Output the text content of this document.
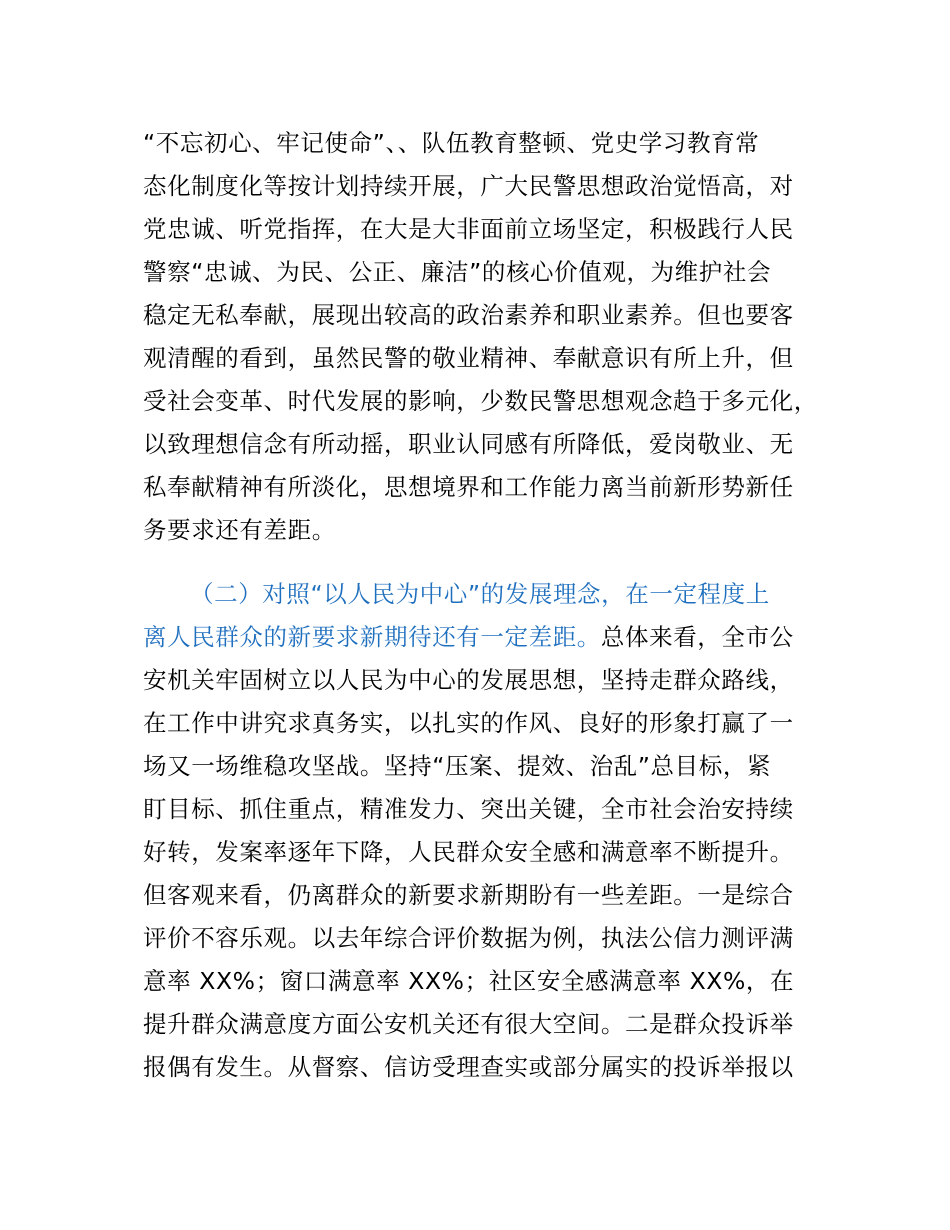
“不忘初心、牢记使命”、、队伍教育整顿、党史学习教育常
态化制度化等按计划持续开展，广大民警思想政治觉悟高，对
党忠诚、听党指挥，在大是大非面前立场坚定，积极践行人民
警察“忠诚、为民、公正、廉洁”的核心价值观，为维护社会
稳定无私奉献，展现出较高的政治素养和职业素养。但也要客
观清醒的看到，虽然民警的敬业精神、奉献意识有所上升，但
受社会变革、时代发展的影响，少数民警思想观念趋于多元化，
以致理想信念有所动摇，职业认同感有所降低，爱岗敬业、无
私奉献精神有所淡化，思想境界和工作能力离当前新形势新任
务要求还有差距。
（二）对照“以人民为中心”的发展理念，在一定程度上
离人民群众的新要求新期待还有一定差距。总体来看，全市公
安机关牢固树立以人民为中心的发展思想，坚持走群众路线，
在工作中讲究求真务实，以扎实的作风、良好的形象打赢了一
场又一场维稳攻坚战。坚持“压案、提效、治乱”总目标，紧
盯目标、抓住重点，精准发力、突出关键，全市社会治安持续
好转，发案率逐年下降，人民群众安全感和满意率不断提升。
但客观来看，仍离群众的新要求新期盼有一些差距。一是综合
评价不容乐观。以去年综合评价数据为例，执法公信力测评满
意率 XX%；窗口满意率 XX%；社区安全感满意率 XX%，在
提升群众满意度方面公安机关还有很大空间。二是群众投诉举
报偶有发生。从督察、信访受理查实或部分属实的投诉举报以
